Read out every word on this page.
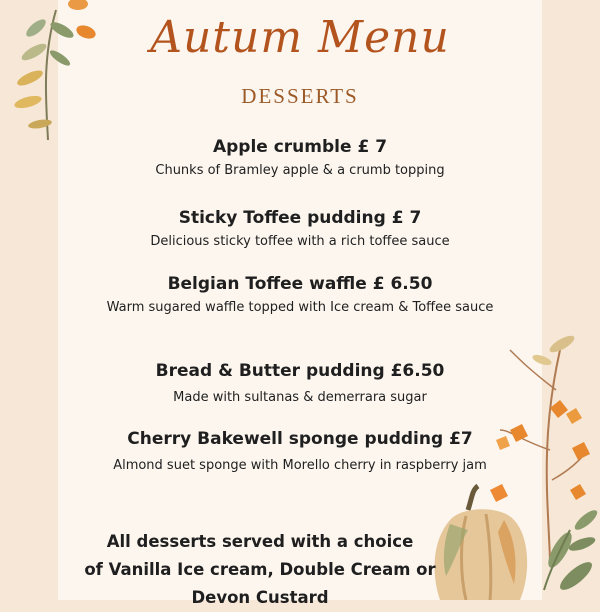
Autum Menu
DESSERTS
Apple crumble £ 7
Chunks of Bramley apple & a crumb topping
Sticky Toffee pudding £ 7
Delicious sticky toffee with a rich toffee sauce
Belgian Toffee waffle £ 6.50
Warm sugared waffle topped with Ice cream & Toffee sauce
Bread & Butter pudding £6.50
Made with sultanas & demerrara sugar
Cherry Bakewell sponge pudding £7
Almond suet sponge with Morello cherry in raspberry jam
All desserts served with a choice
of Vanilla Ice cream, Double Cream or
Devon Custard
